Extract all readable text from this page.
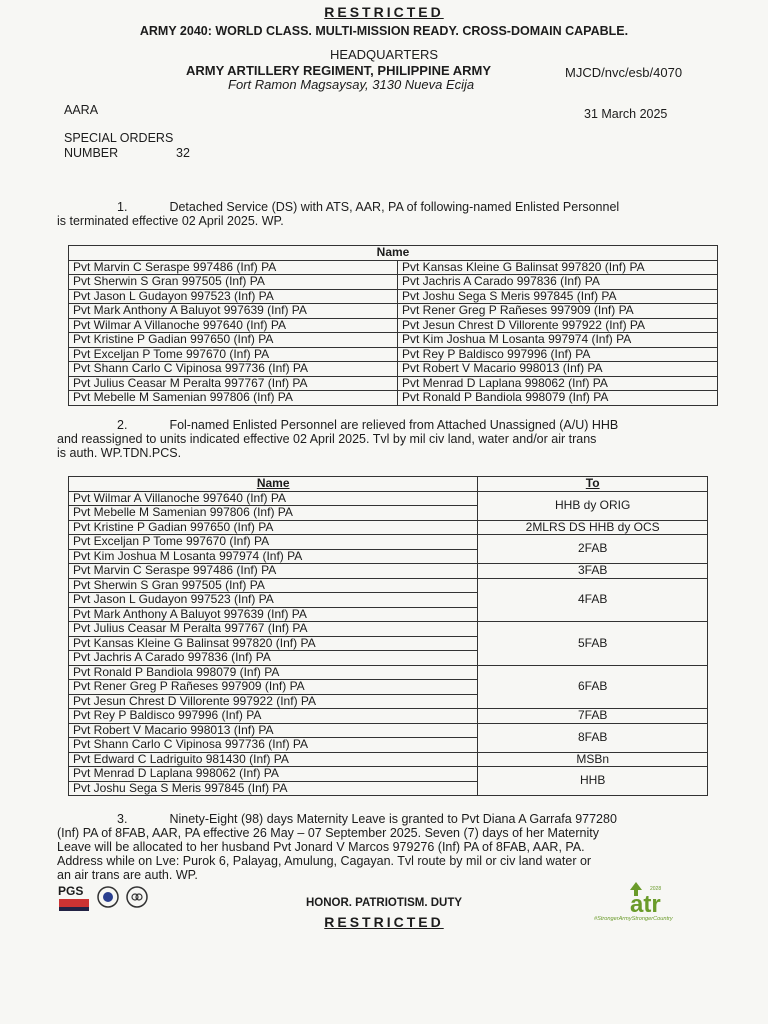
RESTRICTED
ARMY 2040: WORLD CLASS. MULTI-MISSION READY. CROSS-DOMAIN CAPABLE.
HEADQUARTERS
ARMY ARTILLERY REGIMENT, PHILIPPINE ARMY	MJCD/nvc/esb/4070
Fort Ramon Magsaysay, 3130 Nueva Ecija
AARA	31 March 2025
SPECIAL ORDERS
NUMBER	32
1.	Detached Service (DS) with ATS, AAR, PA of following-named Enlisted Personnel
is terminated effective 02 April 2025. WP.
Name	
Pvt Marvin C Seraspe 997486 (Inf) PA	Pvt Kansas Kleine G Balinsat 997820 (Inf) PA
Pvt Sherwin S Gran 997505 (Inf) PA	Pvt Jachris A Carado 997836 (Inf) PA
Pvt Jason L Gudayon 997523 (Inf) PA	Pvt Joshu Sega S Meris 997845 (Inf) PA
Pvt Mark Anthony A Baluyot 997639 (Inf) PA	Pvt Rener Greg P Rañeses 997909 (Inf) PA
Pvt Wilmar A Villanoche 997640 (Inf) PA	Pvt Jesun Chrest D Villorente 997922 (Inf) PA
Pvt Kristine P Gadian 997650 (Inf) PA	Pvt Kim Joshua M Losanta 997974 (Inf) PA
Pvt Exceljan P Tome 997670 (Inf) PA	Pvt Rey P Baldisco 997996 (Inf) PA
Pvt Shann Carlo C Vipinosa 997736 (Inf) PA	Pvt Robert V Macario 998013 (Inf) PA
Pvt Julius Ceasar M Peralta 997767 (Inf) PA	Pvt Menrad D Laplana 998062 (Inf) PA
Pvt Mebelle M Samenian 997806 (Inf) PA	Pvt Ronald P Bandiola 998079 (Inf) PA
2.	Fol-named Enlisted Personnel are relieved from Attached Unassigned (A/U) HHB
and reassigned to units indicated effective 02 April 2025. Tvl by mil civ land, water and/or air trans
is auth. WP.TDN.PCS.
Name	To
Pvt Wilmar A Villanoche 997640 (Inf) PA	HHB dy ORIG
Pvt Mebelle M Samenian 997806 (Inf) PA	
Pvt Kristine P Gadian 997650 (Inf) PA	2MLRS DS HHB dy OCS
Pvt Exceljan P Tome 997670 (Inf) PA	2FAB
Pvt Kim Joshua M Losanta 997974 (Inf) PA	
Pvt Marvin C Seraspe 997486 (Inf) PA	3FAB
Pvt Sherwin S Gran 997505 (Inf) PA	4FAB
Pvt Jason L Gudayon 997523 (Inf) PA	
Pvt Mark Anthony A Baluyot 997639 (Inf) PA	
Pvt Julius Ceasar M Peralta 997767 (Inf) PA	5FAB
Pvt Kansas Kleine G Balinsat 997820 (Inf) PA	
Pvt Jachris A Carado 997836 (Inf) PA	
Pvt Ronald P Bandiola 998079 (Inf) PA	6FAB
Pvt Rener Greg P Rañeses 997909 (Inf) PA	
Pvt Jesun Chrest D Villorente 997922 (Inf) PA	
Pvt Rey P Baldisco 997996 (Inf) PA	7FAB
Pvt Robert V Macario 998013 (Inf) PA	8FAB
Pvt Shann Carlo C Vipinosa 997736 (Inf) PA	
Pvt Edward C Ladriguito 981430 (Inf) PA	MSBn
Pvt Menrad D Laplana 998062 (Inf) PA	HHB
Pvt Joshu Sega S Meris 997845 (Inf) PA	
3.	Ninety-Eight (98) days Maternity Leave is granted to Pvt Diana A Garrafa 977280
(Inf) PA of 8FAB, AAR, PA effective 26 May – 07 September 2025. Seven (7) days of her Maternity
Leave will be allocated to her husband Pvt Jonard V Marcos 979276 (Inf) PA of 8FAB, AAR, PA.
Address while on Lve: Purok 6, Palayag, Amulung, Cagayan. Tvl route by mil or civ land water or
an air trans are auth. WP.
PGS

HONOR. PATRIOTISM. DUTY
RESTRICTED
2028
atr
#StrongerArmyStrongerCountry
